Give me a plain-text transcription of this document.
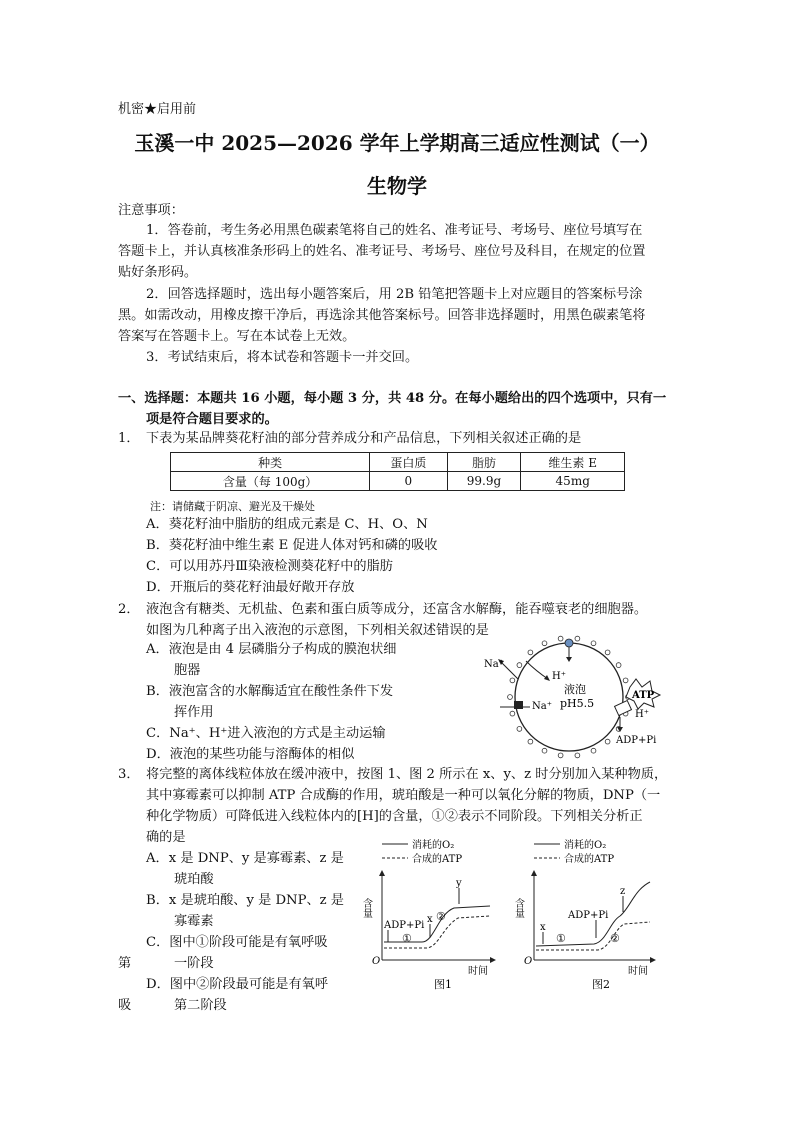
机密★启用前
玉溪一中 2025—2026 学年上学期高三适应性测试（一）
生物学
注意事项：
1．答卷前，考生务必用黑色碳素笔将自己的姓名、准考证号、考场号、座位号填写在
答题卡上，并认真核准条形码上的姓名、准考证号、考场号、座位号及科目，在规定的位置
贴好条形码。
2．回答选择题时，选出每小题答案后，用 2B 铅笔把答题卡上对应题目的答案标号涂
黑。如需改动，用橡皮擦干净后，再选涂其他答案标号。回答非选择题时，用黑色碳素笔将
答案写在答题卡上。写在本试卷上无效。
3．考试结束后，将本试卷和答题卡一并交回。
一、选择题：本题共 16 小题，每小题 3 分，共 48 分。在每小题给出的四个选项中，只有一
项是符合题目要求的。
1． 下表为某品牌葵花籽油的部分营养成分和产品信息，下列相关叙述正确的是
种类	蛋白质	脂肪	维生素 E
含量（每 100g）	0	99.9g	45mg
注：请储藏于阴凉、避光及干燥处
A．葵花籽油中脂肪的组成元素是 C、H、O、N
B．葵花籽油中维生素 E 促进人体对钙和磷的吸收
C．可以用苏丹Ⅲ染液检测葵花籽中的脂肪
D．开瓶后的葵花籽油最好敞开存放
2． 液泡含有糖类、无机盐、色素和蛋白质等成分，还富含水解酶，能吞噬衰老的细胞器。
如图为几种离子出入液泡的示意图，下列相关叙述错误的是
A．液泡是由 4 层磷脂分子构成的膜泡状细
胞器
B．液泡富含的水解酶适宜在酸性条件下发
挥作用
C．Na⁺、H⁺进入液泡的方式是主动运输
D．液泡的某些功能与溶酶体的相似
Na⁺
H⁺
Na⁺
液泡
pH5.5
ATP
H⁺
ADP+Pi
3． 将完整的离体线粒体放在缓冲液中，按图 1、图 2 所示在 x、y、z 时分别加入某种物质，
其中寡霉素可以抑制 ATP 合成酶的作用，琥珀酸是一种可以氧化分解的物质，DNP（一
种化学物质）可降低进入线粒体内的[H]的含量，①②表示不同阶段。下列相关分析正
确的是
A．x 是 DNP、y 是寡霉素、z 是
琥珀酸
B．x 是琥珀酸、y 是 DNP、z 是
寡霉素
C．图中①阶段可能是有氧呼吸
第	一阶段
D．图中②阶段最可能是有氧呼
吸	第二阶段
消耗的O₂
合成的ATP
含量
O
时间
ADP+Pi
x
y
①
②
图1
消耗的O₂
合成的ATP
含量
O
时间
ADP+Pi
x
z
①	②
图2
